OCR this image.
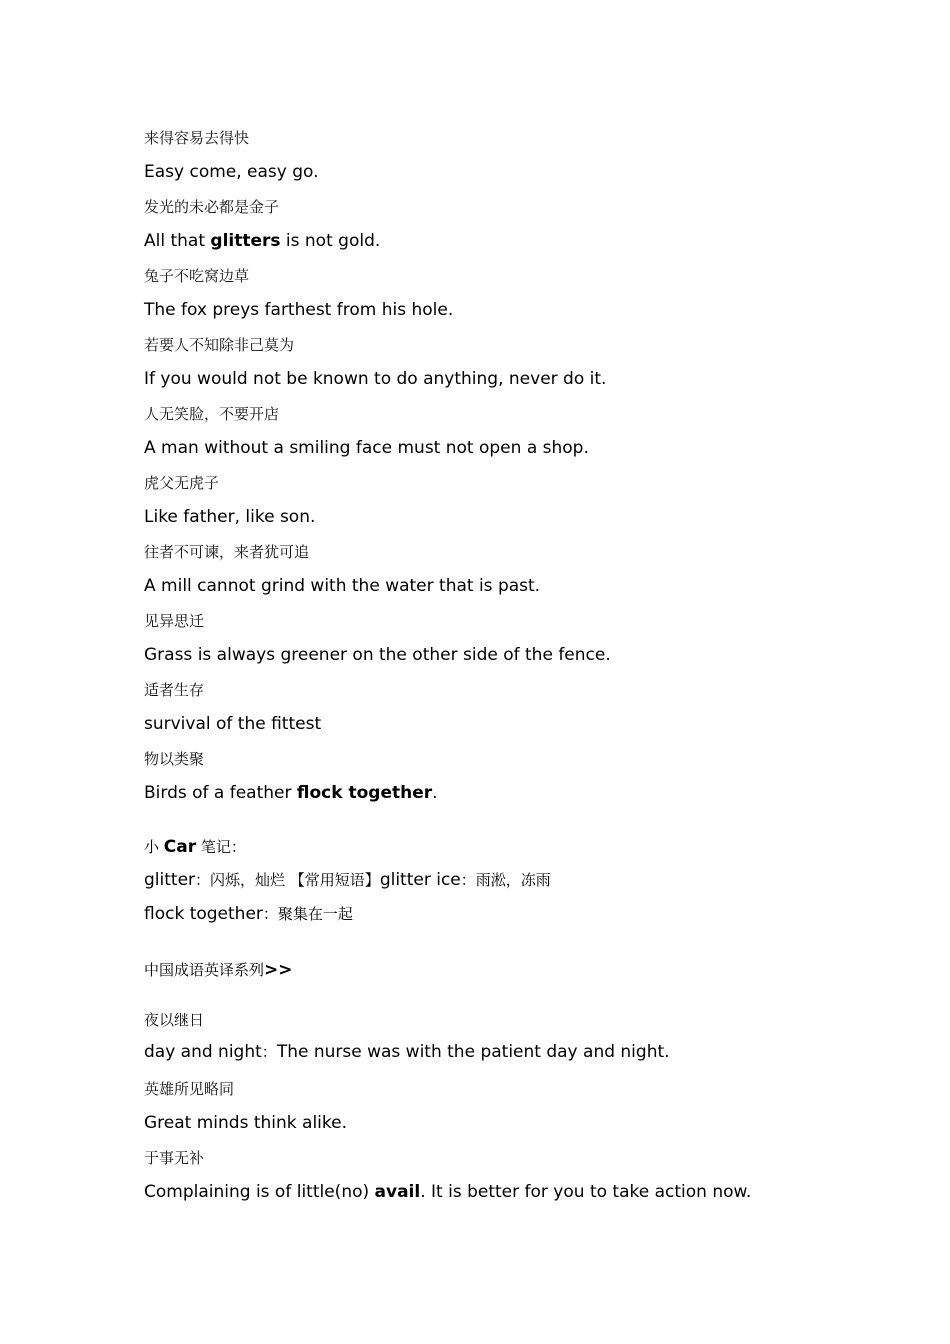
来得容易去得快
Easy come, easy go.
发光的未必都是金子
All that glitters is not gold.
兔子不吃窝边草
The fox preys farthest from his hole.
若要人不知除非己莫为
If you would not be known to do anything, never do it.
人无笑脸，不要开店
A man without a smiling face must not open a shop.
虎父无虎子
Like father, like son.
往者不可谏，来者犹可追
A mill cannot grind with the water that is past.
见异思迁
Grass is always greener on the other side of the fence.
适者生存
survival of the fittest
物以类聚
Birds of a feather flock together.
小 Car 笔记：
glitter：闪烁，灿烂 【常用短语】glitter ice：雨淞，冻雨
flock together：聚集在一起
中国成语英译系列>>
夜以继日
day and night：The nurse was with the patient day and night.
英雄所见略同
Great minds think alike.
于事无补
Complaining is of little(no) avail. It is better for you to take action now.
